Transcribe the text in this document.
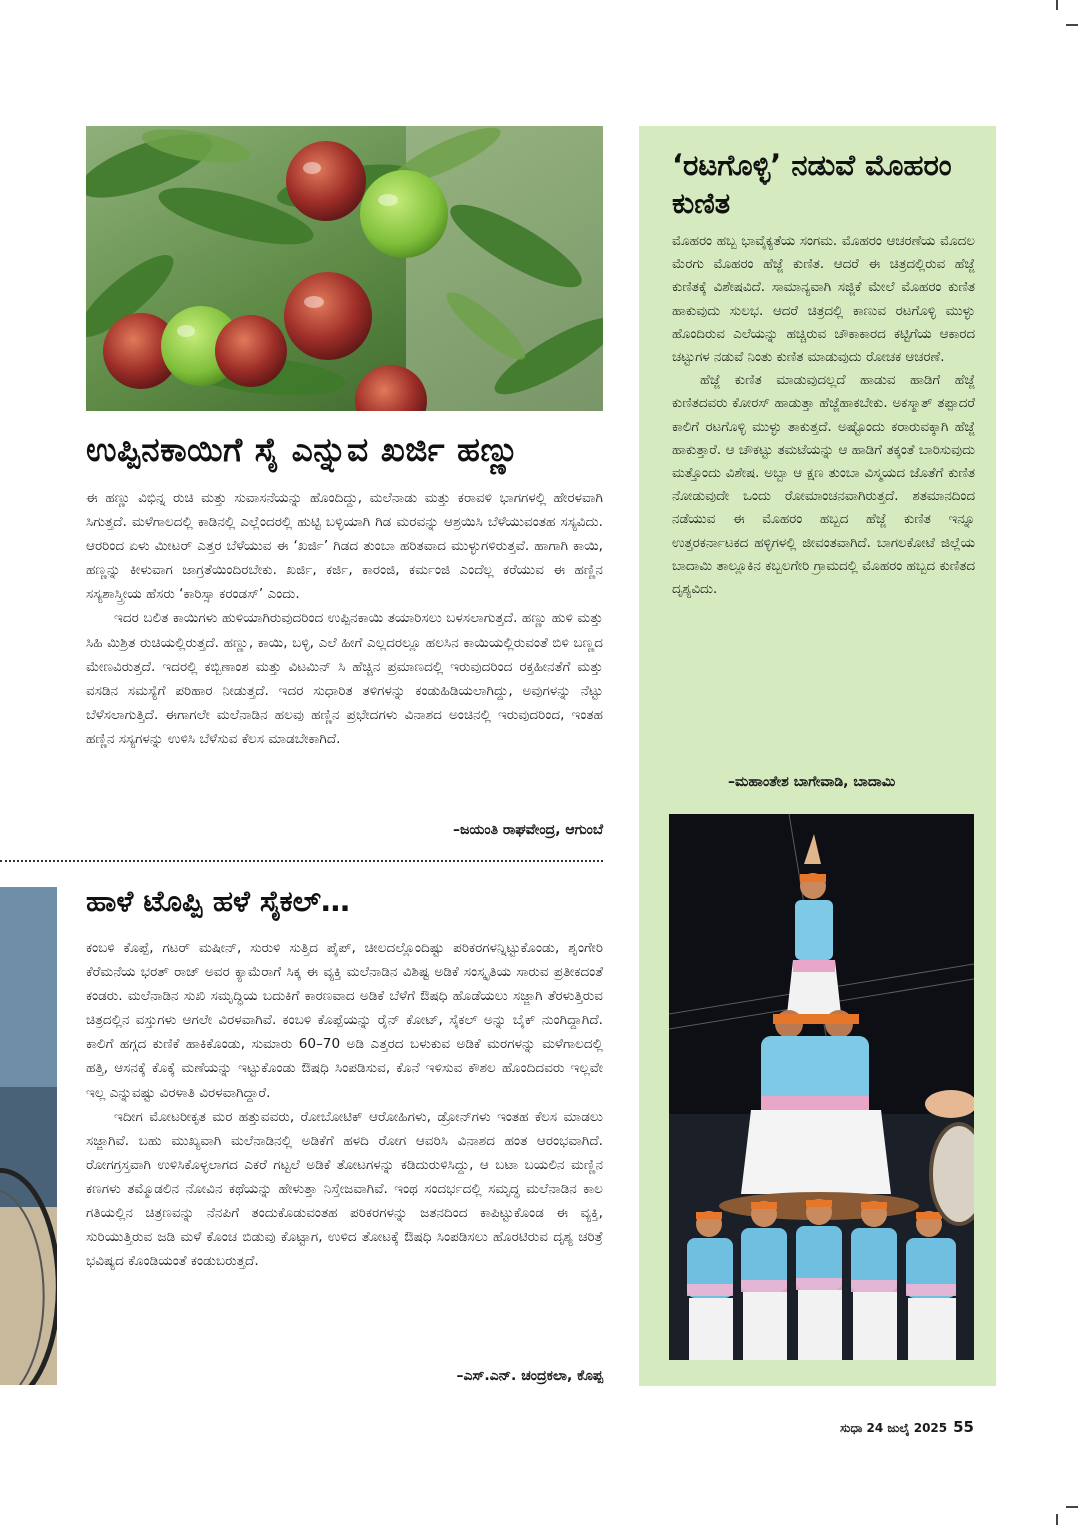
ಉಪ್ಪಿನಕಾಯಿಗೆ ಸೈ ಎನ್ನುವ ಖರ್ಜಿ ಹಣ್ಣು

ಈ ಹಣ್ಣು ವಿಭಿನ್ನ ರುಚಿ ಮತ್ತು ಸುವಾಸನೆಯನ್ನು ಹೊಂದಿದ್ದು, ಮಲೆನಾಡು ಮತ್ತು ಕರಾವಳಿ ಭಾಗಗಳಲ್ಲಿ ಹೇರಳವಾಗಿ ಸಿಗುತ್ತದೆ. ಮಳೆಗಾಲದಲ್ಲಿ ಕಾಡಿನಲ್ಲಿ ಎಲ್ಲೆಂದರಲ್ಲಿ ಹುಟ್ಟಿ ಬಳ್ಳಿಯಾಗಿ ಗಿಡ ಮರವನ್ನು ಆಶ್ರಯಿಸಿ ಬೆಳೆಯುವಂತಹ ಸಸ್ಯವಿದು. ಆರರಿಂದ ಏಳು ಮೀಟರ್ ಎತ್ತರ ಬೆಳೆಯುವ ಈ ‘ಖರ್ಜಿ’ ಗಿಡದ ತುಂಬಾ ಹರಿತವಾದ ಮುಳ್ಳುಗಳಿರುತ್ತವೆ. ಹಾಗಾಗಿ ಕಾಯಿ, ಹಣ್ಣನ್ನು ಕೀಳುವಾಗ ಜಾಗ್ರತೆಯಿಂದಿರಬೇಕು. ಖರ್ಜಿ, ಕರ್ಜಿ, ಕಾರಂಜಿ, ಕರ್ಮಂಜಿ ಎಂದೆಲ್ಲ ಕರೆಯುವ ಈ ಹಣ್ಣಿನ ಸಸ್ಯಶಾಸ್ತ್ರೀಯ ಹೆಸರು ‘ಕಾರಿಸ್ಸಾ ಕರಂಡಸ್’ ಎಂದು.

ಇದರ ಬಲಿತ ಕಾಯಿಗಳು ಹುಳಿಯಾಗಿರುವುದರಿಂದ ಉಪ್ಪಿನಕಾಯಿ ತಯಾರಿಸಲು ಬಳಸಲಾಗುತ್ತದೆ. ಹಣ್ಣು ಹುಳಿ ಮತ್ತು ಸಿಹಿ ಮಿಶ್ರಿತ ರುಚಿಯಲ್ಲಿರುತ್ತದೆ. ಹಣ್ಣು, ಕಾಯಿ, ಬಳ್ಳಿ, ಎಲೆ ಹೀಗೆ ಎಲ್ಲದರಲ್ಲೂ ಹಲಸಿನ ಕಾಯಿಯಲ್ಲಿರುವಂತೆ ಬಿಳಿ ಬಣ್ಣದ ಮೇಣವಿರುತ್ತದೆ. ಇದರಲ್ಲಿ ಕಬ್ಬಿಣಾಂಶ ಮತ್ತು ವಿಟಮಿನ್ ಸಿ ಹೆಚ್ಚಿನ ಪ್ರಮಾಣದಲ್ಲಿ ಇರುವುದರಿಂದ ರಕ್ತಹೀನತೆಗೆ ಮತ್ತು ವಸಡಿನ ಸಮಸ್ಯೆಗೆ ಪರಿಹಾರ ನೀಡುತ್ತದೆ. ಇದರ ಸುಧಾರಿತ ತಳಿಗಳನ್ನು ಕಂಡುಹಿಡಿಯಲಾಗಿದ್ದು, ಅವುಗಳನ್ನು ನೆಟ್ಟು ಬೆಳೆಸಲಾಗುತ್ತಿದೆ. ಈಗಾಗಲೇ ಮಲೆನಾಡಿನ ಹಲವು ಹಣ್ಣಿನ ಪ್ರಭೇದಗಳು ವಿನಾಶದ ಅಂಚಿನಲ್ಲಿ ಇರುವುದರಿಂದ, ಇಂತಹ ಹಣ್ಣಿನ ಸಸ್ಯಗಳನ್ನು ಉಳಿಸಿ ಬೆಳೆಸುವ ಕೆಲಸ ಮಾಡಬೇಕಾಗಿದೆ.

–ಜಯಂತಿ ರಾಘವೇಂದ್ರ, ಆಗುಂಬೆ
ಹಾಳೆ ಟೊಪ್ಪಿ ಹಳೆ ಸೈಕಲ್…

ಕಂಬಳಿ ಕೊಪ್ಪೆ, ಗಟರ್ ಮಷೀನ್, ಸುರುಳಿ ಸುತ್ತಿದ ಪೈಪ್, ಚೀಲದಲ್ಲೊಂದಿಷ್ಟು ಪರಿಕರಗಳನ್ನಿಟ್ಟುಕೊಂಡು, ಶೃಂಗೇರಿ ಕೆರೆಮನೆಯ ಭರತ್ ರಾಜ್ ಅವರ ಕ್ಯಾಮೆರಾಗೆ ಸಿಕ್ಕ ಈ ವ್ಯಕ್ತಿ ಮಲೆನಾಡಿನ ವಿಶಿಷ್ಟ ಅಡಿಕೆ ಸಂಸ್ಕೃತಿಯ ಸಾರುವ ಪ್ರತೀಕದಂತೆ ಕಂಡರು. ಮಲೆನಾಡಿನ ಸುಖಿ ಸಮೃದ್ಧಿಯ ಬದುಕಿಗೆ ಕಾರಣವಾದ ಅಡಿಕೆ ಬೆಳೆಗೆ ಔಷಧಿ ಹೊಡೆಯಲು ಸಜ್ಜಾಗಿ ತೆರಳುತ್ತಿರುವ ಚಿತ್ರದಲ್ಲಿನ ವಸ್ತುಗಳು ಆಗಲೇ ವಿರಳವಾಗಿವೆ. ಕಂಬಳಿ ಕೊಪ್ಪೆಯನ್ನು ರೈನ್ ಕೋಟ್, ಸೈಕಲ್ ಅನ್ನು ಬೈಕ್ ನುಂಗಿದ್ದಾಗಿದೆ. ಕಾಲಿಗೆ ಹಗ್ಗದ ಕುಣಿಕೆ ಹಾಕಿಕೊಂಡು, ಸುಮಾರು 60–70 ಅಡಿ ಎತ್ತರದ ಬಳುಕುವ ಅಡಿಕೆ ಮರಗಳನ್ನು ಮಳೆಗಾಲದಲ್ಲಿ ಹತ್ತಿ, ಆಸನಕ್ಕೆ ಕೊಕ್ಕೆ ಮಣೆಯನ್ನು ಇಟ್ಟುಕೊಂಡು ಔಷಧಿ ಸಿಂಪಡಿಸುವ, ಕೊನೆ ಇಳಿಸುವ ಕೌಶಲ ಹೊಂದಿದವರು ಇಲ್ಲವೇ ಇಲ್ಲ ಎನ್ನುವಷ್ಟು ವಿರಳಾತಿ ವಿರಳವಾಗಿದ್ದಾರೆ.

ಇದೀಗ ಮೋಟರೀಕೃತ ಮರ ಹತ್ತುವವರು, ರೋಬೋಟಿಕ್ ಆರೋಹಿಗಳು, ಡ್ರೋನ್‌ಗಳು ಇಂತಹ ಕೆಲಸ ಮಾಡಲು ಸಜ್ಜಾಗಿವೆ. ಬಹು ಮುಖ್ಯವಾಗಿ ಮಲೆನಾಡಿನಲ್ಲಿ ಅಡಿಕೆಗೆ ಹಳದಿ ರೋಗ ಆವರಿಸಿ ವಿನಾಶದ ಹಂತ ಆರಂಭವಾಗಿದೆ. ರೋಗಗ್ರಸ್ತವಾಗಿ ಉಳಿಸಿಕೊಳ್ಳಲಾಗದ ಎಕರೆ ಗಟ್ಟಲೆ ಅಡಿಕೆ ತೋಟಗಳನ್ನು ಕಡಿದುರುಳಿಸಿದ್ದು, ಆ ಬಟಾ ಬಯಲಿನ ಮಣ್ಣಿನ ಕಣಗಳು ತಮ್ಮೊಡಲಿನ ನೋವಿನ ಕಥೆಯನ್ನು ಹೇಳುತ್ತಾ ನಿಸ್ತೇಜವಾಗಿವೆ. ಇಂಥ ಸಂದರ್ಭದಲ್ಲಿ ಸಮೃದ್ಧ ಮಲೆನಾಡಿನ ಕಾಲ ಗತಿಯಲ್ಲಿನ ಚಿತ್ರಣವನ್ನು ನೆನಪಿಗೆ ತಂದುಕೊಡುವಂತಹ ಪರಿಕರಗಳನ್ನು ಜತನದಿಂದ ಕಾಪಿಟ್ಟುಕೊಂಡ ಈ ವ್ಯಕ್ತಿ, ಸುರಿಯುತ್ತಿರುವ ಜಡಿ ಮಳೆ ಕೊಂಚ ಬಿಡುವು ಕೊಟ್ಟಾಗ, ಉಳಿದ ತೋಟಕ್ಕೆ ಔಷಧಿ ಸಿಂಪಡಿಸಲು ಹೊರಟಿರುವ ದೃಶ್ಯ ಚರಿತ್ರೆ ಭವಿಷ್ಯದ ಕೊಂಡಿಯಂತೆ ಕಂಡುಬರುತ್ತದೆ.

–ಎಸ್.ಎನ್. ಚಂದ್ರಕಲಾ, ಕೊಪ್ಪ
‘ರಟಗೊಳ್ಳಿ’ ನಡುವೆ ಮೊಹರಂ ಕುಣಿತ

ಮೊಹರಂ ಹಬ್ಬ ಭಾವೈಕ್ಯತೆಯ ಸಂಗಮ. ಮೊಹರಂ ಆಚರಣೆಯ ಮೊದಲ ಮೆರಗು ಮೊಹರಂ ಹೆಜ್ಜೆ ಕುಣಿತ. ಆದರೆ ಈ ಚಿತ್ರದಲ್ಲಿರುವ ಹೆಜ್ಜೆ ಕುಣಿತಕ್ಕೆ ವಿಶೇಷವಿದೆ. ಸಾಮಾನ್ಯವಾಗಿ ಸಜ್ಜಿಕೆ ಮೇಲೆ ಮೊಹರಂ ಕುಣಿತ ಹಾಕುವುದು ಸುಲಭ. ಆದರೆ ಚಿತ್ರದಲ್ಲಿ ಕಾಣುವ ರಟಗೊಳ್ಳಿ ಮುಳ್ಳು ಹೊಂದಿರುವ ಎಲೆಯನ್ನು ಹಚ್ಚಿರುವ ಚೌಕಾಕಾರದ ಕಟ್ಟಿಗೆಯ ಆಕಾರದ ಚಟ್ಟುಗಳ ನಡುವೆ ನಿಂತು ಕುಣಿತ ಮಾಡುವುದು ರೋಚಕ ಆಚರಣೆ.

ಹೆಜ್ಜೆ ಕುಣಿತ ಮಾಡುವುದಲ್ಲದೆ ಹಾಡುವ ಹಾಡಿಗೆ ಹೆಜ್ಜೆ ಕುಣಿತದವರು ಕೋರಸ್ ಹಾಡುತ್ತಾ ಹೆಜ್ಜೆಹಾಕಬೇಕು. ಅಕಸ್ಮಾತ್ ತಪ್ಪಾದರೆ ಕಾಲಿಗೆ ರಟಗೊಳ್ಳಿ ಮುಳ್ಳು ತಾಕುತ್ತದೆ. ಅಷ್ಟೊಂದು ಕರಾರುವಕ್ಕಾಗಿ ಹೆಜ್ಜೆ ಹಾಕುತ್ತಾರೆ. ಆ ಚೌಕಟ್ಟು ತಮಟೆಯನ್ನು ಆ ಹಾಡಿಗೆ ತಕ್ಕಂತೆ ಬಾರಿಸುವುದು ಮತ್ತೊಂದು ವಿಶೇಷ. ಅಬ್ಬಾ ಆ ಕ್ಷಣ ತುಂಬಾ ವಿಸ್ಮಯದ ಜೊತೆಗೆ ಕುಣಿತ ನೋಡುವುದೇ ಒಂದು ರೋಮಾಂಚನವಾಗಿರುತ್ತದೆ. ಶತಮಾನದಿಂದ ನಡೆಯುವ ಈ ಮೊಹರಂ ಹಬ್ಬದ ಹೆಜ್ಜೆ ಕುಣಿತ ಇನ್ನೂ ಉತ್ತರಕರ್ನಾಟಕದ ಹಳ್ಳಿಗಳಲ್ಲಿ ಜೀವಂತವಾಗಿದೆ. ಬಾಗಲಕೋಟೆ ಜಿಲ್ಲೆಯ ಬಾದಾಮಿ ತಾಲ್ಲೂಕಿನ ಕಬ್ಬಲಗೇರಿ ಗ್ರಾಮದಲ್ಲಿ ಮೊಹರಂ ಹಬ್ಬದ ಕುಣಿತದ ದೃಶ್ಯವಿದು.

–ಮಹಾಂತೇಶ ಬಾಗೇವಾಡಿ, ಬಾದಾಮಿ
ಸುಧಾ 24 ಜುಲೈ 2025 55
